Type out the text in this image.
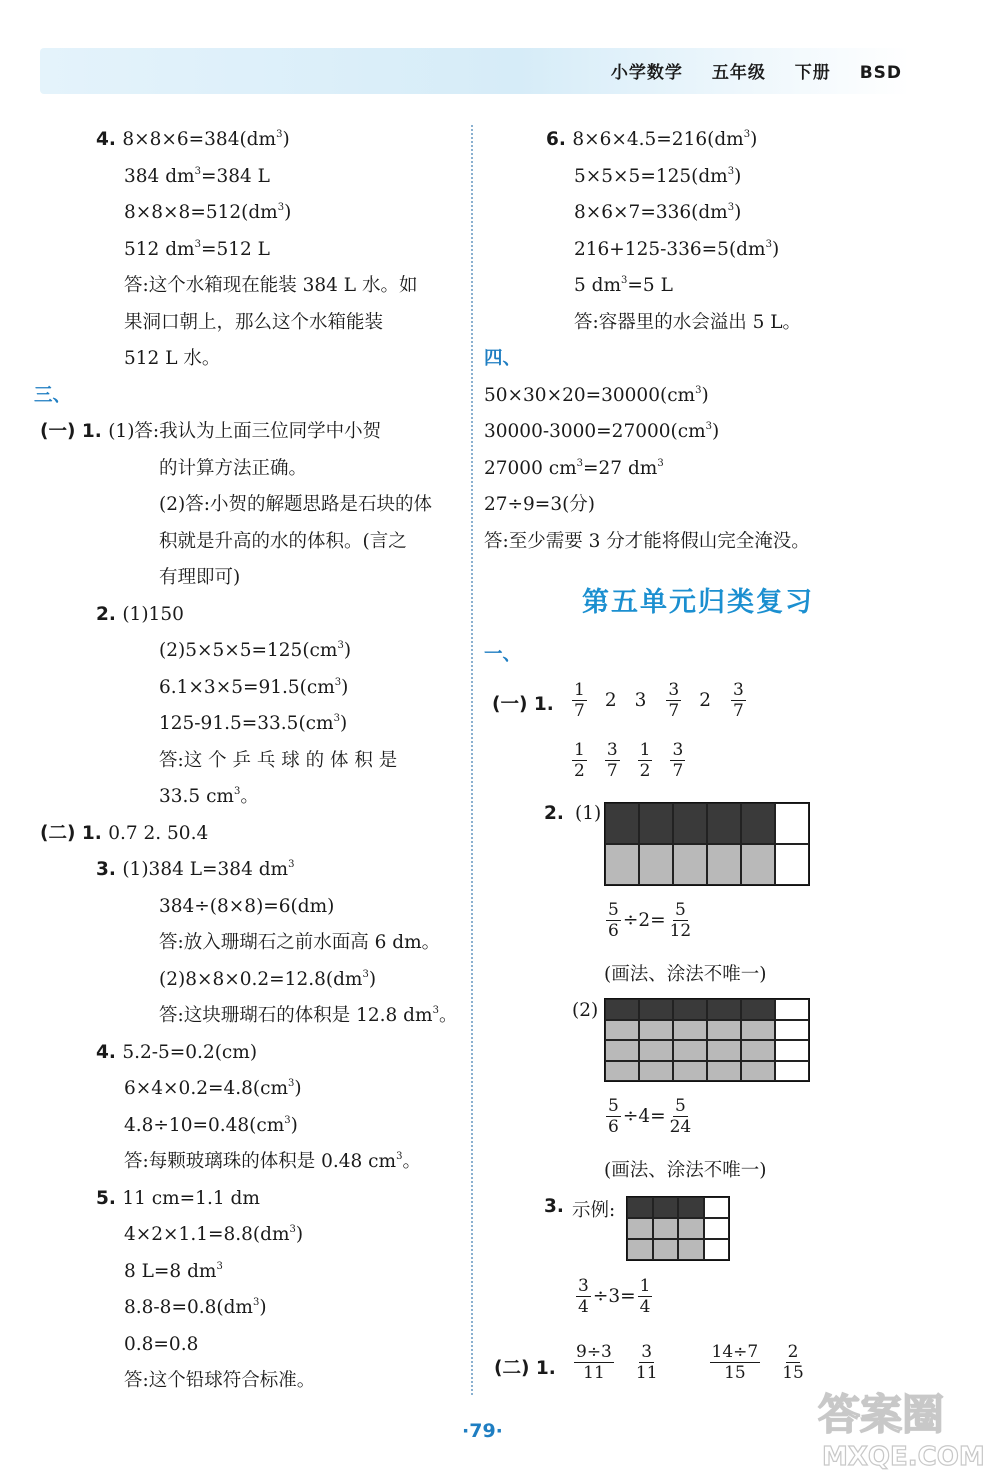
小学数学 五年级 下册 BSD
4. $8\times 8\times 6=384(dm^3)$
384 $dm^3=384$ L
$8\times 8\times 8=512(dm^3)$
512 $dm^3=512$ L
答:这个水箱现在能装 384 L 水。如
果洞口朝上，那么这个水箱能装
512 L 水。
三、
(一) 1. (1)答:我认为上面三位同学中小贺
的计算方法正确。
(2)答:小贺的解题思路是石块的体
积就是升高的水的体积。(言之
有理即可)
2. (1)150
$(2)5\times 5\times 5=125(cm^3)$
$6.1\times 3\times 5=91.5(cm^3)$
$125-91.5=33.5(cm^3)$
答:这 个 乒 乓 球 的 体 积 是
33.5 $cm^3$。
(二) 1. 0.7 2. 50.4
3. (1)384 L=384 $dm^3$
384÷(8×8)=6(dm)
答:放入珊瑚石之前水面高 6 dm。
$(2)8\times 8\times 0.2=12.8(dm^3)$
答:这块珊瑚石的体积是 12.8 $dm^3$。
4. 5.2-5=0.2(cm)
$6\times 4\times 0.2=4.8(cm^3)$
$4.8\div 10=0.48(cm^3)$
答:每颗玻璃珠的体积是 0.48 $cm^3$。
5. 11 cm=1.1 dm
$4\times 2\times 1.1=8.8(dm^3)$
8 L=8 $dm^3$
$8.8-8=0.8(dm^3)$
0.8=0.8
答:这个铅球符合标准。
6. $8\times 6\times 4.5=216(dm^3)$
$5\times 5\times 5=125(dm^3)$
$8\times 6\times 7=336(dm^3)$
$216+125-336=5(dm^3)$
5 $dm^3=5$ L
答:容器里的水会溢出 5 L。
四、
$50\times 30\times 20=30000(cm^3)$
$30000-3000=27000(cm^3)$
27000 $cm^3=27$ $dm^3$
27÷9=3(分)
答:至少需要 3 分才能将假山完全淹没。
第五单元归类复习
一、
(一) 1. $\frac{1}{7} 2$ $3 \frac{3}{7} 2 \frac{3}{7}$
$\frac{1}{2} \frac{3}{7} \frac{1}{2} \frac{3}{7}$
2. (1)
$\frac{5}{6} \div 2= \frac{5}{12}$
(画法、涂法不唯一)
(2)
$\frac{5}{6} \div 4= \frac{5}{24}$
(画法、涂法不唯一)
3. 示例:
$\frac{3}{4} \div 3= \frac{1}{4}$
(二) 1. $\frac{9\div 3}{11} \frac{3}{11}$	$\frac{14\div 7}{15} \frac{2}{15}$
·79·	答案圈
MXQE.COM
